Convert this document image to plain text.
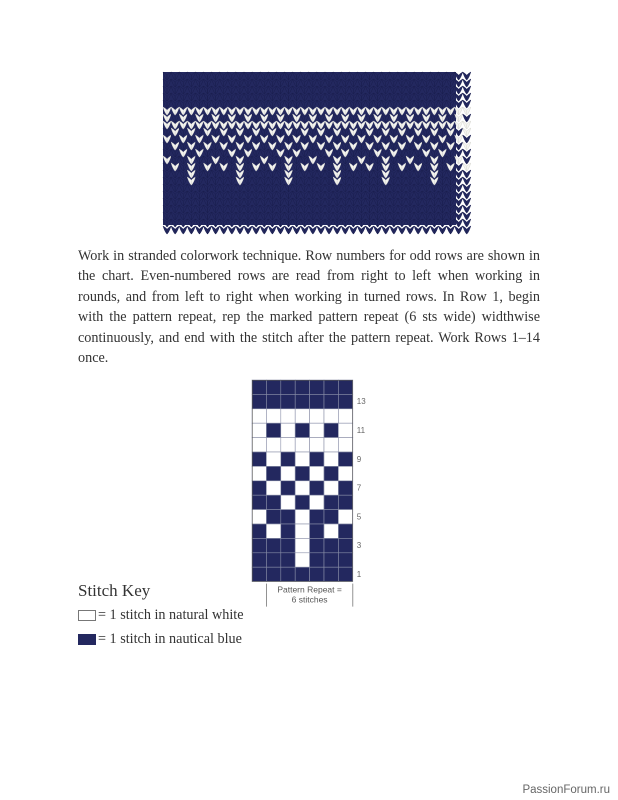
Work in stranded colorwork technique. Row numbers for odd rows are shown in the chart. Even-numbered rows are read from right to left when working in rounds, and from left to right when working in turned rows. In Row 1, begin with the pattern repeat, rep the marked pattern repeat (6 sts wide) widthwise continuously, and end with the stitch after the pattern repeat. Work Rows 1–14 once.

1
3
5
7
9
11
13
Pattern Repeat =
6 stitches
Stitch Key
= 1 stitch in natural white
= 1 stitch in nautical blue
PassionForum.ru
